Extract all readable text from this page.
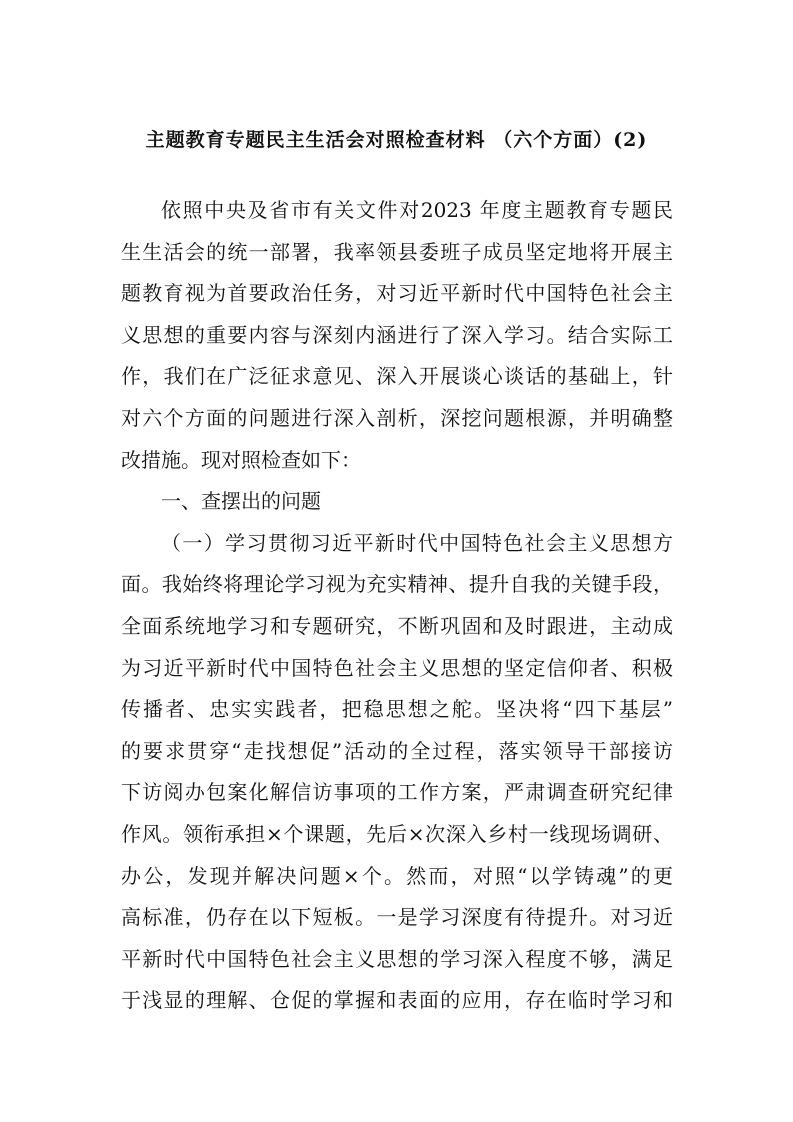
主题教育专题民主生活会对照检查材料 （六个方面）(2)
依照中央及省市有关文件对2023 年度主题教育专题民
生生活会的统一部署，我率领县委班子成员坚定地将开展主
题教育视为首要政治任务，对习近平新时代中国特色社会主
义思想的重要内容与深刻内涵进行了深入学习。结合实际工
作，我们在广泛征求意见、深入开展谈心谈话的基础上，针
对六个方面的问题进行深入剖析，深挖问题根源，并明确整
改措施。现对照检查如下：
一、查摆出的问题
（一）学习贯彻习近平新时代中国特色社会主义思想方
面。我始终将理论学习视为充实精神、提升自我的关键手段，
全面系统地学习和专题研究，不断巩固和及时跟进，主动成
为习近平新时代中国特色社会主义思想的坚定信仰者、积极
传播者、忠实实践者，把稳思想之舵。坚决将“四下基层”
的要求贯穿“走找想促”活动的全过程，落实领导干部接访
下访阅办包案化解信访事项的工作方案，严肃调查研究纪律
作风。领衔承担×个课题，先后×次深入乡村一线现场调研、
办公，发现并解决问题×个。然而，对照“以学铸魂”的更
高标准，仍存在以下短板。一是学习深度有待提升。对习近
平新时代中国特色社会主义思想的学习深入程度不够，满足
于浅显的理解、仓促的掌握和表面的应用，存在临时学习和
